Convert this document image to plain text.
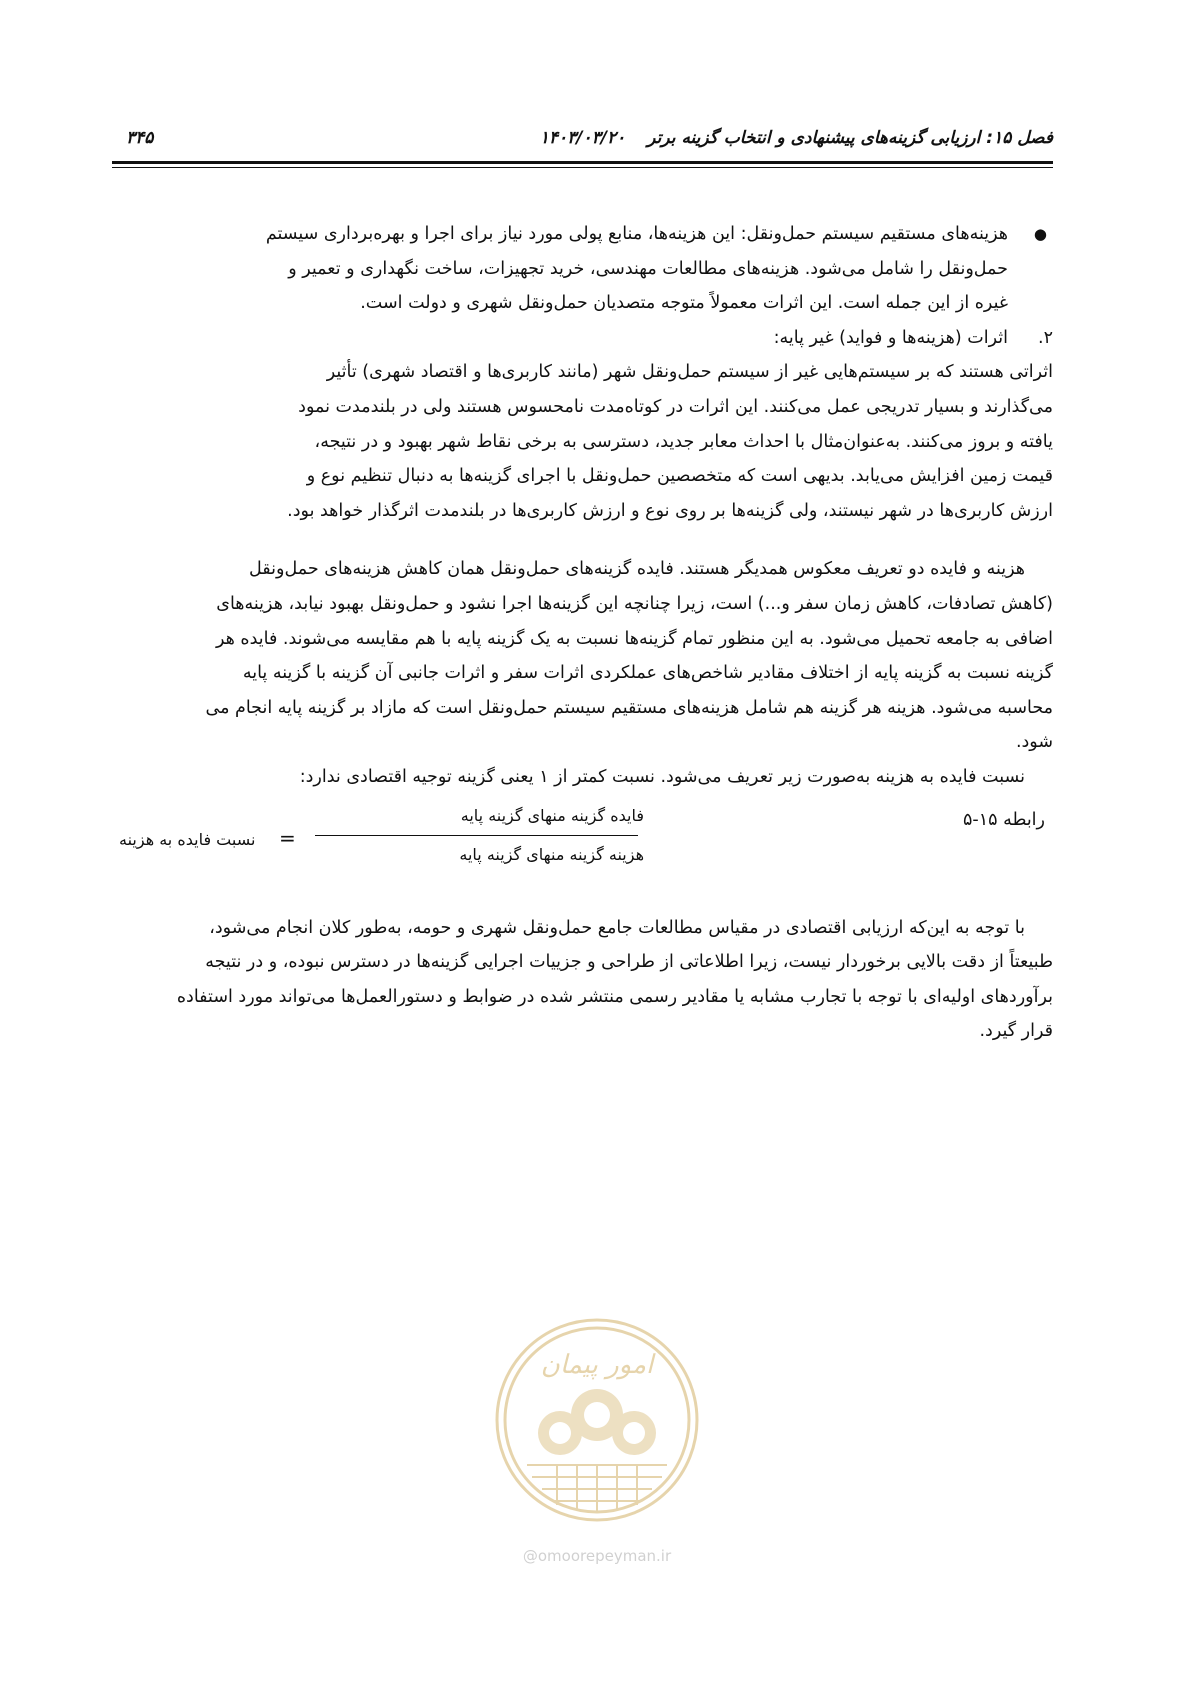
فصل ۱۵: ارزیابی گزینه‌های پیشنهادی و انتخاب گزینه برتر
۱۴۰۳/۰۳/۲۰
۳۴۵
●

هزینه‌های مستقیم سیستم حمل‌ونقل: این هزینه‌ها، منابع پولی مورد نیاز برای اجرا و بهره‌برداری سیستم

حمل‌ونقل را شامل می‌شود. هزینه‌های مطالعات مهندسی، خرید تجهیزات، ساخت نگهداری و تعمیر و

غیره از این جمله است. این اثرات معمولاً متوجه متصدیان حمل‌ونقل شهری و دولت است.

۲.

اثرات (هزینه‌ها و فواید) غیر پایه:

اثراتی هستند که بر سیستم‌هایی غیر از سیستم حمل‌ونقل شهر (مانند کاربری‌ها و اقتصاد شهری) تأثیر

می‌گذارند و بسیار تدریجی عمل می‌کنند. این اثرات در کوتاه‌مدت نامحسوس هستند ولی در بلندمدت نمود

یافته و بروز می‌کنند. به‌عنوان‌مثال با احداث معابر جدید، دسترسی به برخی نقاط شهر بهبود و در نتیجه،

قیمت زمین افزایش می‌یابد. بدیهی است که متخصصین حمل‌ونقل با اجرای گزینه‌ها به دنبال تنظیم نوع و

ارزش کاربری‌ها در شهر نیستند، ولی گزینه‌ها بر روی نوع و ارزش کاربری‌ها در بلندمدت اثرگذار خواهد بود.

هزینه و فایده دو تعریف معکوس همدیگر هستند. فایده گزینه‌های حمل‌ونقل همان کاهش هزینه‌های حمل‌ونقل

(کاهش تصادفات، کاهش زمان سفر و...) است، زیرا چنانچه این گزینه‌ها اجرا نشود و حمل‌ونقل بهبود نیابد، هزینه‌های

اضافی به جامعه تحمیل می‌شود. به این منظور تمام گزینه‌ها نسبت به یک گزینه پایه با هم مقایسه می‌شوند. فایده هر

گزینه نسبت به گزینه پایه از اختلاف مقادیر شاخص‌های عملکردی اثرات سفر و اثرات جانبی آن گزینه با گزینه پایه

محاسبه می‌شود. هزینه هر گزینه هم شامل هزینه‌های مستقیم سیستم حمل‌ونقل است که مازاد بر گزینه پایه انجام می

شود.

نسبت فایده به هزینه به‌صورت زیر تعریف می‌شود. نسبت کمتر از ۱ یعنی گزینه توجیه اقتصادی ندارد:

رابطه ۱۵-۵
نسبت فایده به هزینه =
فایده گزینه منهای گزینه پایه
هزینه گزینه منهای گزینه پایه

با توجه به این‌که ارزیابی اقتصادی در مقیاس مطالعات جامع حمل‌ونقل شهری و حومه، به‌طور کلان انجام می‌شود،

طبیعتاً از دقت بالایی برخوردار نیست، زیرا اطلاعاتی از طراحی و جزییات اجرایی گزینه‌ها در دسترس نبوده، و در نتیجه

برآوردهای اولیه‌ای با توجه با تجارب مشابه یا مقادیر رسمی منتشر شده در ضوابط و دستورالعمل‌ها می‌تواند مورد استفاده

قرار گیرد.

امور پیمان
@omoorepeyman.ir
